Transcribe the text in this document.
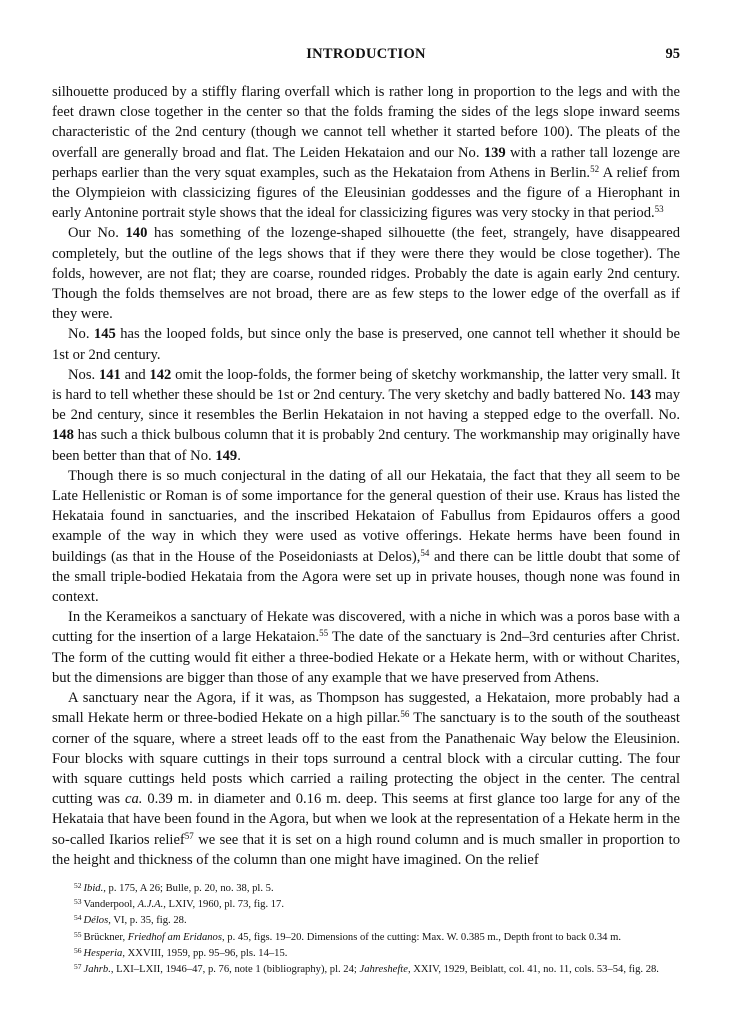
INTRODUCTION	95

silhouette produced by a stiffly flaring overfall which is rather long in proportion to the legs and with the feet drawn close together in the center so that the folds framing the sides of the legs slope inward seems characteristic of the 2nd century (though we cannot tell whether it started before 100). The pleats of the overfall are generally broad and flat. The Leiden Hekataion and our No. 139 with a rather tall lozenge are perhaps earlier than the very squat examples, such as the Hekataion from Athens in Berlin.$^{52}$ A relief from the Olympieion with classicizing figures of the Eleusinian goddesses and the figure of a Hierophant in early Antonine portrait style shows that the ideal for classicizing figures was very stocky in that period.$^{53}$

Our No. 140 has something of the lozenge-shaped silhouette (the feet, strangely, have disappeared completely, but the outline of the legs shows that if they were there they would be close together). The folds, however, are not flat; they are coarse, rounded ridges. Probably the date is again early 2nd century. Though the folds themselves are not broad, there are as few steps to the lower edge of the overfall as if they were.

No. 145 has the looped folds, but since only the base is preserved, one cannot tell whether it should be 1st or 2nd century.

Nos. 141 and 142 omit the loop-folds, the former being of sketchy workmanship, the latter very small. It is hard to tell whether these should be 1st or 2nd century. The very sketchy and badly battered No. 143 may be 2nd century, since it resembles the Berlin Hekataion in not having a stepped edge to the overfall. No. 148 has such a thick bulbous column that it is probably 2nd century. The workmanship may originally have been better than that of No. 149.

Though there is so much conjectural in the dating of all our Hekataia, the fact that they all seem to be Late Hellenistic or Roman is of some importance for the general question of their use. Kraus has listed the Hekataia found in sanctuaries, and the inscribed Hekataion of Fabullus from Epidauros offers a good example of the way in which they were used as votive offerings. Hekate herms have been found in buildings (as that in the House of the Poseidoniasts at Delos),$^{54}$ and there can be little doubt that some of the small triple-bodied Hekataia from the Agora were set up in private houses, though none was found in context.

In the Kerameikos a sanctuary of Hekate was discovered, with a niche in which was a poros base with a cutting for the insertion of a large Hekataion.$^{55}$ The date of the sanctuary is 2nd–3rd centuries after Christ. The form of the cutting would fit either a three-bodied Hekate or a Hekate herm, with or without Charites, but the dimensions are bigger than those of any example that we have preserved from Athens.

A sanctuary near the Agora, if it was, as Thompson has suggested, a Hekataion, more probably had a small Hekate herm or three-bodied Hekate on a high pillar.$^{56}$ The sanctuary is to the south of the southeast corner of the square, where a street leads off to the east from the Panathenaic Way below the Eleusinion. Four blocks with square cuttings in their tops surround a central block with a circular cutting. The four with square cuttings held posts which carried a railing protecting the object in the center. The central cutting was ca. 0.39 m. in diameter and 0.16 m. deep. This seems at first glance too large for any of the Hekataia that have been found in the Agora, but when we look at the representation of a Hekate herm in the so-called Ikarios relief$^{57}$ we see that it is set on a high round column and is much smaller in proportion to the height and thickness of the column than one might have imagined. On the relief

$^{52}$ Ibid., p. 175, A 26; Bulle, p. 20, no. 38, pl. 5.
$^{53}$ Vanderpool, A.J.A., LXIV, 1960, pl. 73, fig. 17.
$^{54}$ Délos, VI, p. 35, fig. 28.
$^{55}$ Brückner, Friedhof am Eridanos, p. 45, figs. 19–20. Dimensions of the cutting: Max. W. 0.385 m., Depth front to back 0.34 m.
$^{56}$ Hesperia, XXVIII, 1959, pp. 95–96, pls. 14–15.
$^{57}$ Jahrb., LXI–LXII, 1946–47, p. 76, note 1 (bibliography), pl. 24; Jahreshefte, XXIV, 1929, Beiblatt, col. 41, no. 11, cols. 53–54, fig. 28.
